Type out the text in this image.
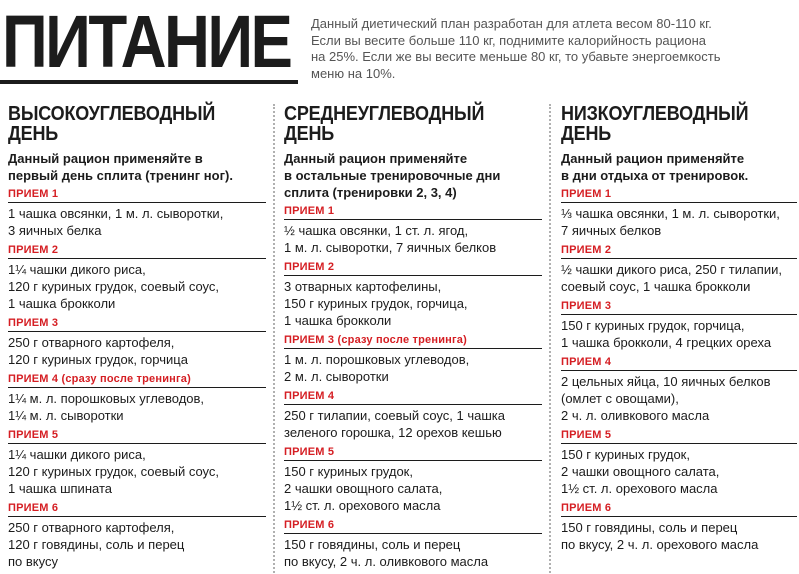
ПИТАНИЕ Данный диетический план разработан для атлета весом 80-110 кг.

Если вы весите больше 110 кг, поднимите калорийность рациона

на 25%. Если же вы весите меньше 80 кг, то убавьте энергоемкость

меню на 10%.

ВЫСОКОУГЛЕВОДНЫЙ
ДЕНЬ
Данный рацион применяйте в
первый день сплита (тренинг ног).
ПРИЕМ 1
1 чашка овсянки, 1 м. л. сыворотки,
3 яичных белка
ПРИЕМ 2
1¼ чашки дикого риса,
120 г куриных грудок, соевый соус,
1 чашка брокколи
ПРИЕМ 3
250 г отварного картофеля,
120 г куриных грудок, горчица
ПРИЕМ 4 (сразу после тренинга)
1¼ м. л. порошковых углеводов,
1¼ м. л. сыворотки
ПРИЕМ 5
1¼ чашки дикого риса,
120 г куриных грудок, соевый соус,
1 чашка шпината
ПРИЕМ 6
250 г отварного картофеля,
120 г говядины, соль и перец
по вкусу
СРЕДНЕУГЛЕВОДНЫЙ
ДЕНЬ
Данный рацион применяйте
в остальные тренировочные дни
сплита (тренировки 2, 3, 4)
ПРИЕМ 1
½ чашка овсянки, 1 ст. л. ягод,
1 м. л. сыворотки, 7 яичных белков
ПРИЕМ 2
3 отварных картофелины,
150 г куриных грудок, горчица,
1 чашка брокколи
ПРИЕМ 3 (сразу после тренинга)
1 м. л. порошковых углеводов,
2 м. л. сыворотки
ПРИЕМ 4
250 г тилапии, соевый соус, 1 чашка
зеленого горошка, 12 орехов кешью
ПРИЕМ 5
150 г куриных грудок,
2 чашки овощного салата,
1½ ст. л. орехового масла
ПРИЕМ 6
150 г говядины, соль и перец
по вкусу, 2 ч. л. оливкового масла
НИЗКОУГЛЕВОДНЫЙ
ДЕНЬ
Данный рацион применяйте
в дни отдыха от тренировок.
ПРИЕМ 1
⅓ чашка овсянки, 1 м. л. сыворотки,
7 яичных белков
ПРИЕМ 2
½ чашки дикого риса, 250 г тилапии,
соевый соус, 1 чашка брокколи
ПРИЕМ 3
150 г куриных грудок, горчица,
1 чашка брокколи, 4 грецких ореха
ПРИЕМ 4
2 цельных яйца, 10 яичных белков
(омлет с овощами),
2 ч. л. оливкового масла
ПРИЕМ 5
150 г куриных грудок,
2 чашки овощного салата,
1½ ст. л. орехового масла
ПРИЕМ 6
150 г говядины, соль и перец
по вкусу, 2 ч. л. орехового масла
